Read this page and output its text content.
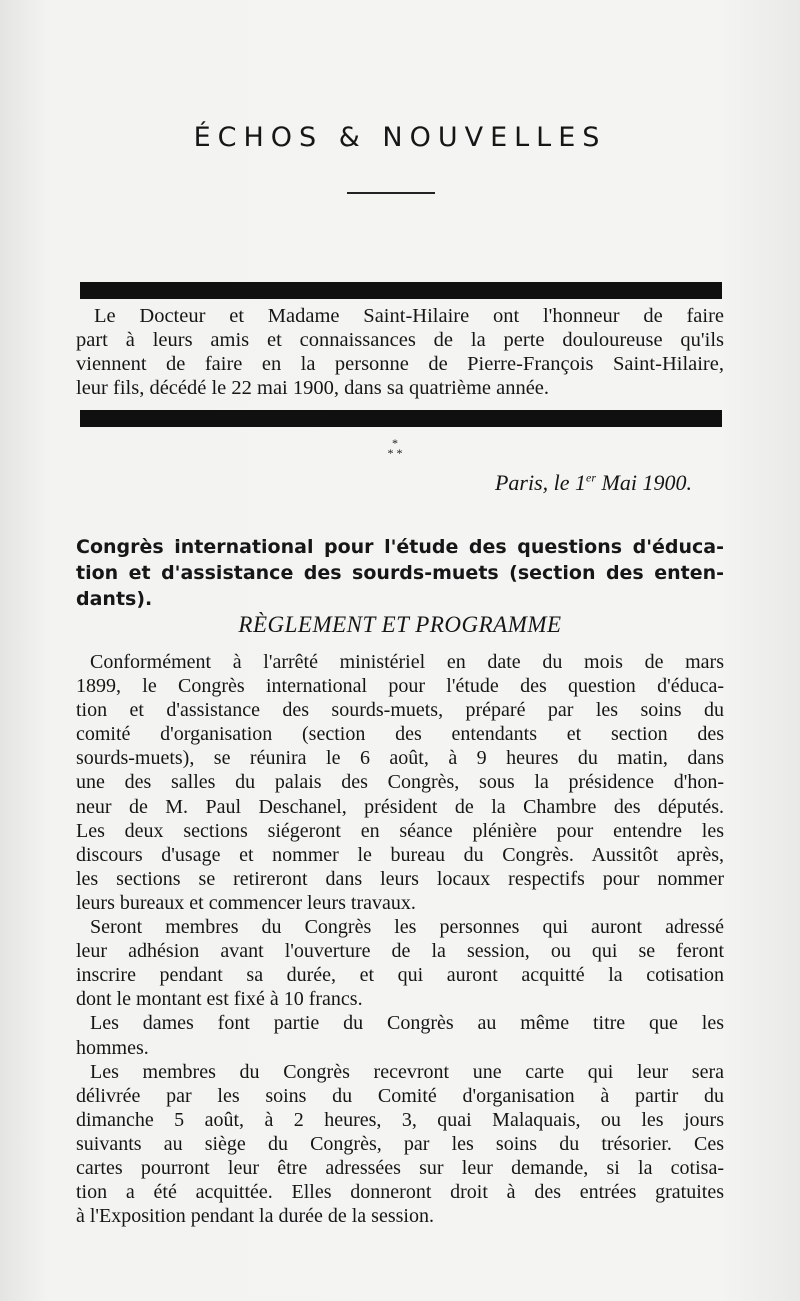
ÉCHOS & NOUVELLES
Le Docteur et Madame Saint-Hilaire ont l'honneur de faire
part à leurs amis et connaissances de la perte douloureuse qu'ils
viennent de faire en la personne de Pierre-François Saint-Hilaire,
leur fils, décédé le 22 mai 1900, dans sa quatrième année.
*
* *
Paris, le 1er Mai 1900.
Congrès international pour l'étude des questions d'éduca-
tion et d'assistance des sourds-muets (section des enten-
dants).
RÈGLEMENT ET PROGRAMME
Conformément à l'arrêté ministériel en date du mois de mars
1899, le Congrès international pour l'étude des question d'éduca-
tion et d'assistance des sourds-muets, préparé par les soins du
comité d'organisation (section des entendants et section des
sourds-muets), se réunira le 6 août, à 9 heures du matin, dans
une des salles du palais des Congrès, sous la présidence d'hon-
neur de M. Paul Deschanel, président de la Chambre des députés.
Les deux sections siégeront en séance plénière pour entendre les
discours d'usage et nommer le bureau du Congrès. Aussitôt après,
les sections se retireront dans leurs locaux respectifs pour nommer
leurs bureaux et commencer leurs travaux.
Seront membres du Congrès les personnes qui auront adressé
leur adhésion avant l'ouverture de la session, ou qui se feront
inscrire pendant sa durée, et qui auront acquitté la cotisation
dont le montant est fixé à 10 francs.
Les dames font partie du Congrès au même titre que les
hommes.
Les membres du Congrès recevront une carte qui leur sera
délivrée par les soins du Comité d'organisation à partir du
dimanche 5 août, à 2 heures, 3, quai Malaquais, ou les jours
suivants au siège du Congrès, par les soins du trésorier. Ces
cartes pourront leur être adressées sur leur demande, si la cotisa-
tion a été acquittée. Elles donneront droit à des entrées gratuites
à l'Exposition pendant la durée de la session.
